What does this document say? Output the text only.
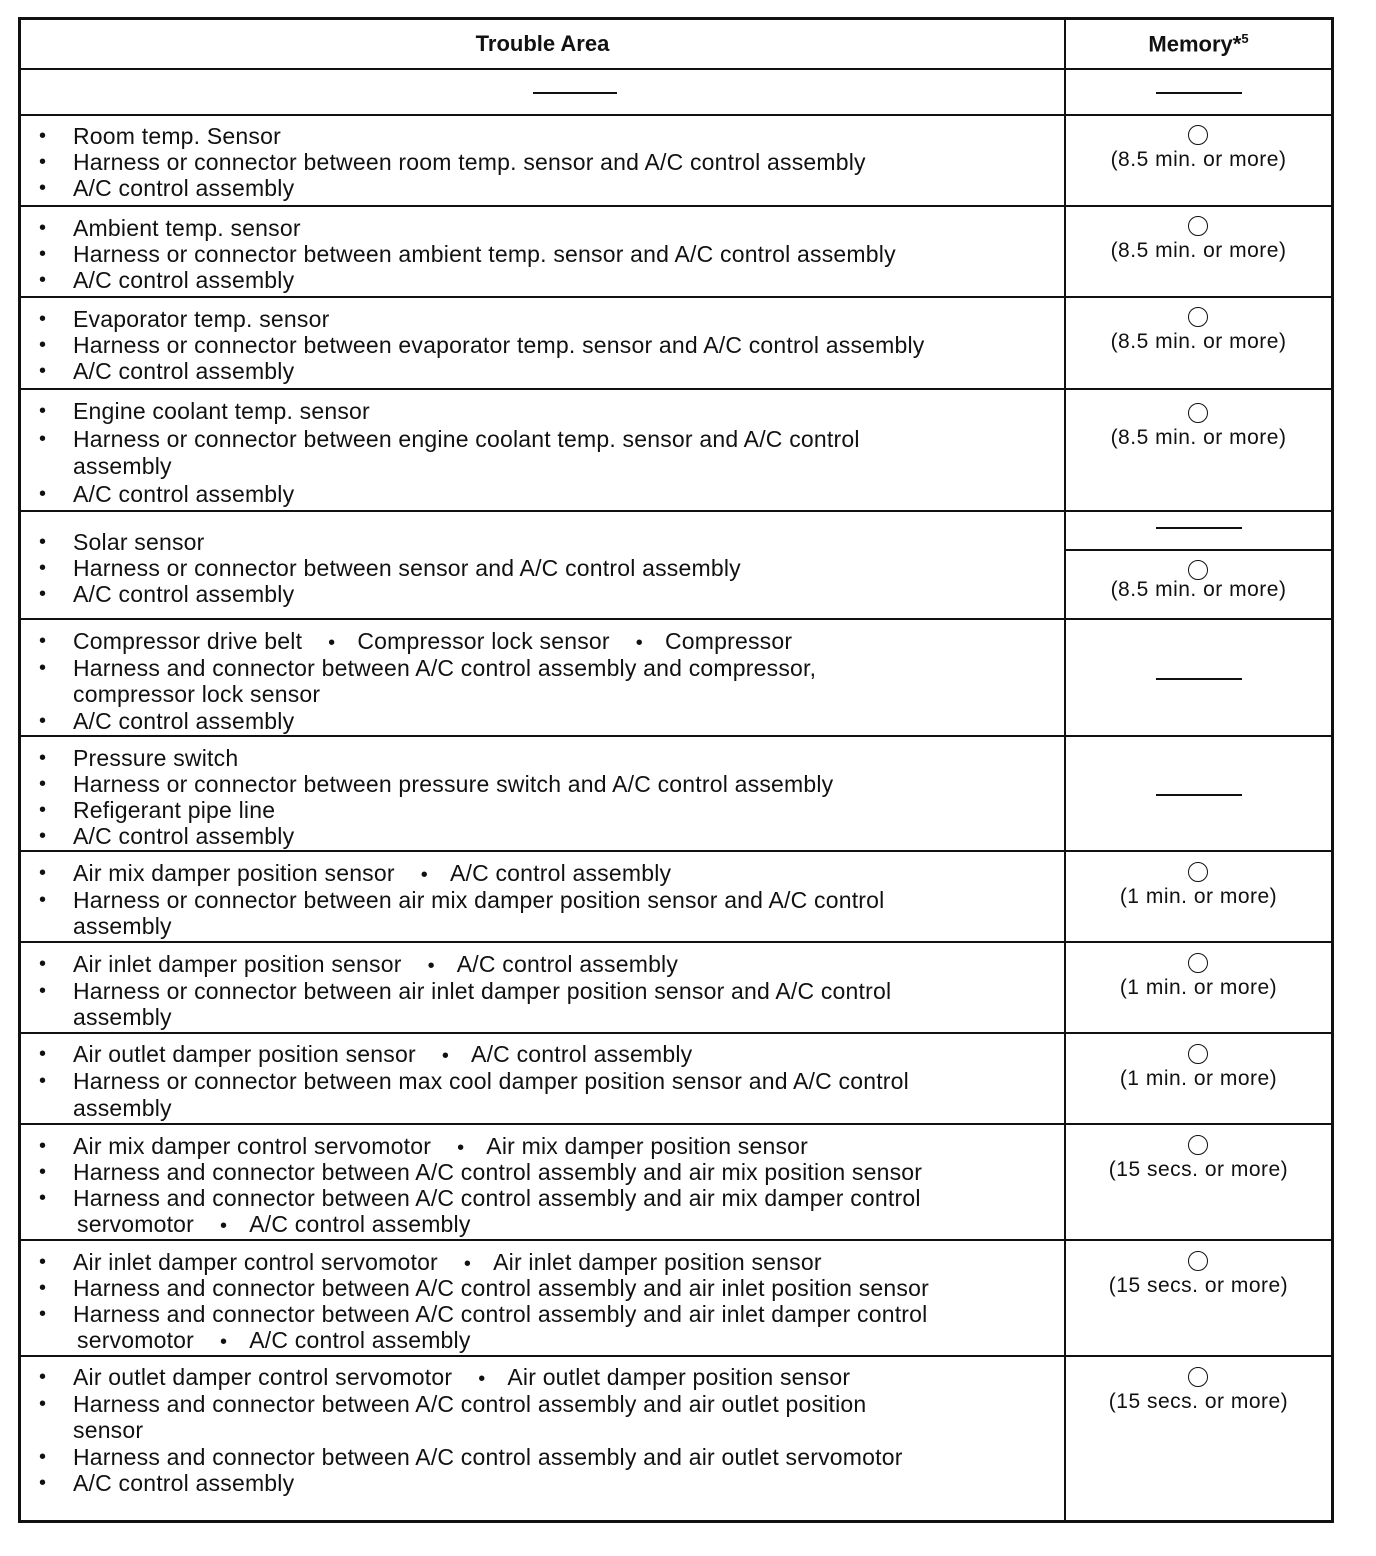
Trouble Area	Memory*$^5$
• Room temp. Sensor
• Harness or connector between room temp. sensor and A/C control assembly
• A/C control assembly
(8.5 min. or more)
• Ambient temp. sensor
• Harness or connector between ambient temp. sensor and A/C control assembly
• A/C control assembly
(8.5 min. or more)
• Evaporator temp. sensor
• Harness or connector between evaporator temp. sensor and A/C control assembly
• A/C control assembly
(8.5 min. or more)
• Engine coolant temp. sensor
• Harness or connector between engine coolant temp. sensor and A/C control
assembly
• A/C control assembly
(8.5 min. or more)
• Solar sensor
• Harness or connector between sensor and A/C control assembly
• A/C control assembly	(8.5 min. or more)
• Compressor drive belt • Compressor lock sensor • Compressor
• Harness and connector between A/C control assembly and compressor,
compressor lock sensor
• A/C control assembly
• Pressure switch
• Harness or connector between pressure switch and A/C control assembly
• Refigerant pipe line
• A/C control assembly
• Air mix damper position sensor • A/C control assembly
• Harness or connector between air mix damper position sensor and A/C control
assembly
(1 min. or more)
• Air inlet damper position sensor • A/C control assembly
• Harness or connector between air inlet damper position sensor and A/C control
assembly
(1 min. or more)
• Air outlet damper position sensor • A/C control assembly
• Harness or connector between max cool damper position sensor and A/C control
assembly
(1 min. or more)
• Air mix damper control servomotor • Air mix damper position sensor
• Harness and connector between A/C control assembly and air mix position sensor
• Harness and connector between A/C control assembly and air mix damper control
servomotor • A/C control assembly
(15 secs. or more)
• Air inlet damper control servomotor • Air inlet damper position sensor
• Harness and connector between A/C control assembly and air inlet position sensor
• Harness and connector between A/C control assembly and air inlet damper control
servomotor • A/C control assembly
(15 secs. or more)
• Air outlet damper control servomotor • Air outlet damper position sensor
• Harness and connector between A/C control assembly and air outlet position
sensor
• Harness and connector between A/C control assembly and air outlet servomotor
• A/C control assembly
(15 secs. or more)
